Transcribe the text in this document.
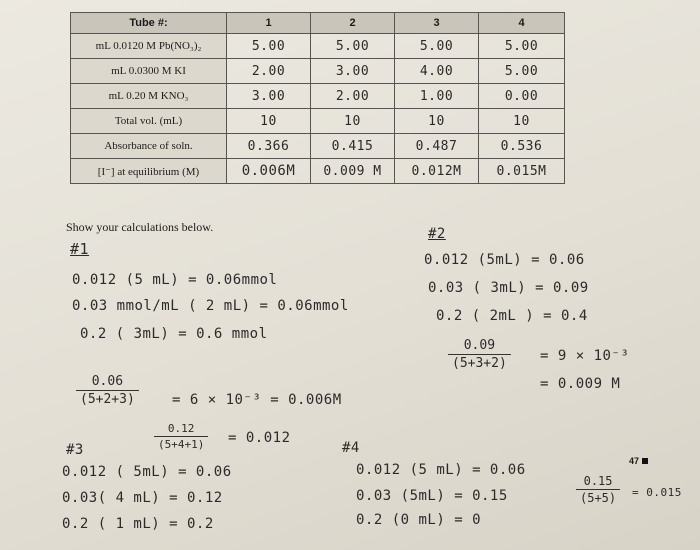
Tube #:	1	2	3	4
mL 0.0120 M Pb(NO₃)₂	5.00	5.00	5.00	5.00
mL 0.0300 M KI	2.00	3.00	4.00	5.00
mL 0.20 M KNO₃	3.00	2.00	1.00	0.00
Total vol. (mL)	10	10	10	10
Absorbance of soln.	0.366	0.415	0.487	0.536
[I⁻] at equilibrium (M)	0.006M	0.009 M	0.012M	0.015M
Show your calculations below.
#1
0.012 (5 mL) = 0.06mmol
0.03 mmol/mL ( 2 mL) = 0.06mmol
0.2 ( 3mL) = 0.6 mmol
$\frac{0.06}{(5+2+3)} = 6 \times 10^{-3} = 0.006M$
#2
0.012 (5mL) = 0.06
0.03 ( 3mL) = 0.09
0.2 ( 2mL ) = 0.4
$\frac{0.09}{(5+3+2)} = 9 \times 10^{-3}$
= 0.009 M
#3	$\frac{0.12}{(5+4+1)} = 0.012$
0.012 ( 5mL) = 0.06
0.03( 4 mL) = 0.12
0.2 ( 1 mL) = 0.2
#4
0.012 (5 mL) = 0.06
0.03 (5mL) = 0.15
0.2 (0 mL) = 0
$\frac{0.15}{(5+5)} = 0.015$
47
